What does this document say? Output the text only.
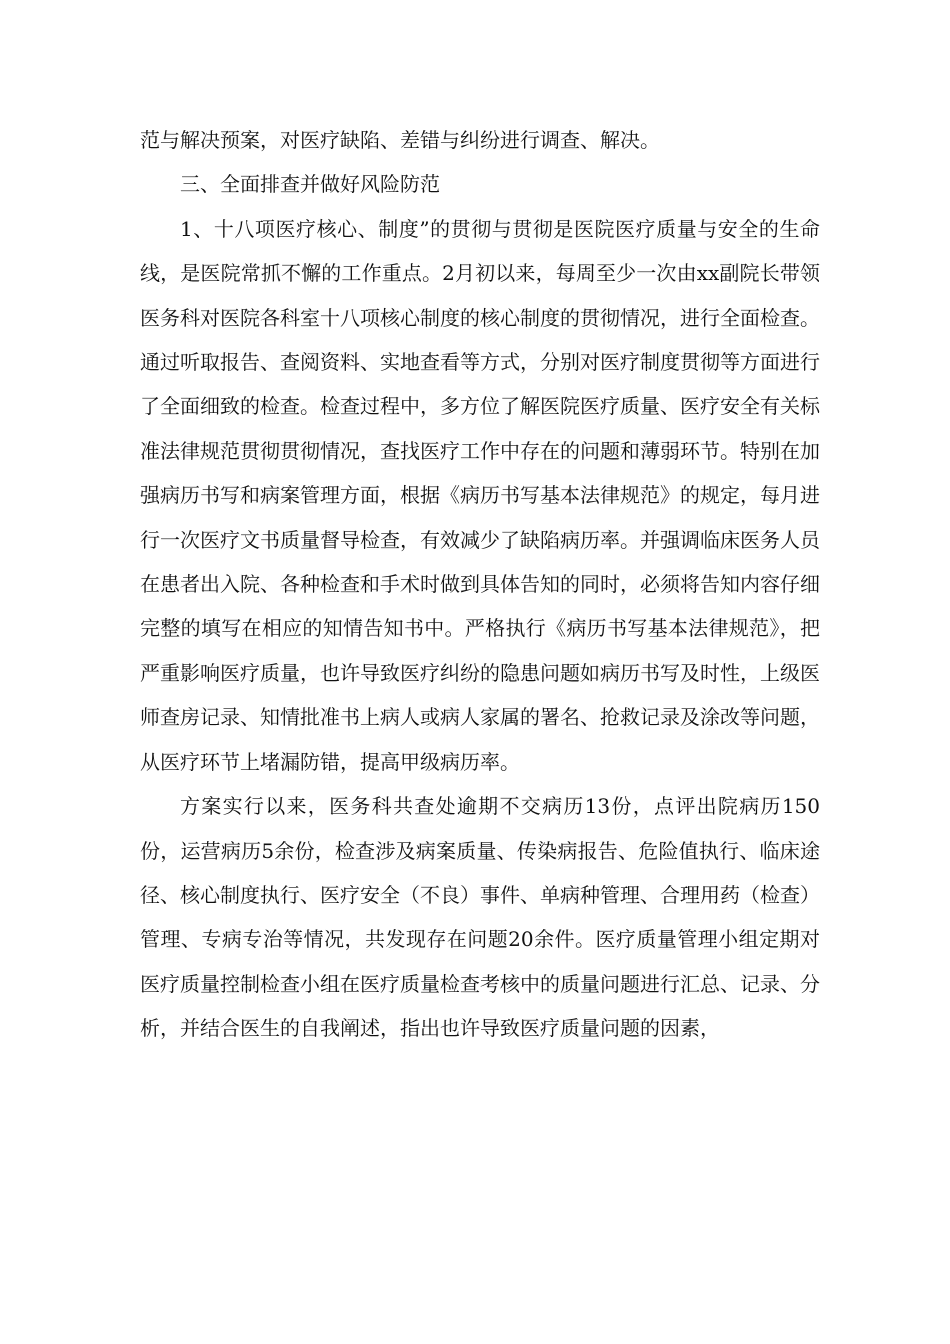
范与解决预案，对医疗缺陷、差错与纠纷进行调查、解决。

三、全面排查并做好风险防范

1、十八项医疗核心、制度”的贯彻与贯彻是医院医疗质量与安全的生命线，是医院常抓不懈的工作重点。2月初以来，每周至少一次由xx副院长带领医务科对医院各科室十八项核心制度的核心制度的贯彻情况，进行全面检查。通过听取报告、查阅资料、实地查看等方式，分别对医疗制度贯彻等方面进行了全面细致的检查。检查过程中，多方位了解医院医疗质量、医疗安全有关标准法律规范贯彻贯彻情况，查找医疗工作中存在的问题和薄弱环节。特别在加强病历书写和病案管理方面，根据《病历书写基本法律规范》的规定，每月进行一次医疗文书质量督导检查，有效减少了缺陷病历率。并强调临床医务人员在患者出入院、各种检查和手术时做到具体告知的同时，必须将告知内容仔细完整的填写在相应的知情告知书中。严格执行《病历书写基本法律规范》，把严重影响医疗质量，也许导致医疗纠纷的隐患问题如病历书写及时性，上级医师查房记录、知情批准书上病人或病人家属的署名、抢救记录及涂改等问题，从医疗环节上堵漏防错，提高甲级病历率。

方案实行以来，医务科共查处逾期不交病历13份，点评出院病历150份，运营病历5余份，检查涉及病案质量、传染病报告、危险值执行、临床途径、核心制度执行、医疗安全（不良）事件、单病种管理、合理用药（检查）管理、专病专治等情况，共发现存在问题20余件。医疗质量管理小组定期对医疗质量控制检查小组在医疗质量检查考核中的质量问题进行汇总、记录、分析，并结合医生的自我阐述，指出也许导致医疗质量问题的因素，
